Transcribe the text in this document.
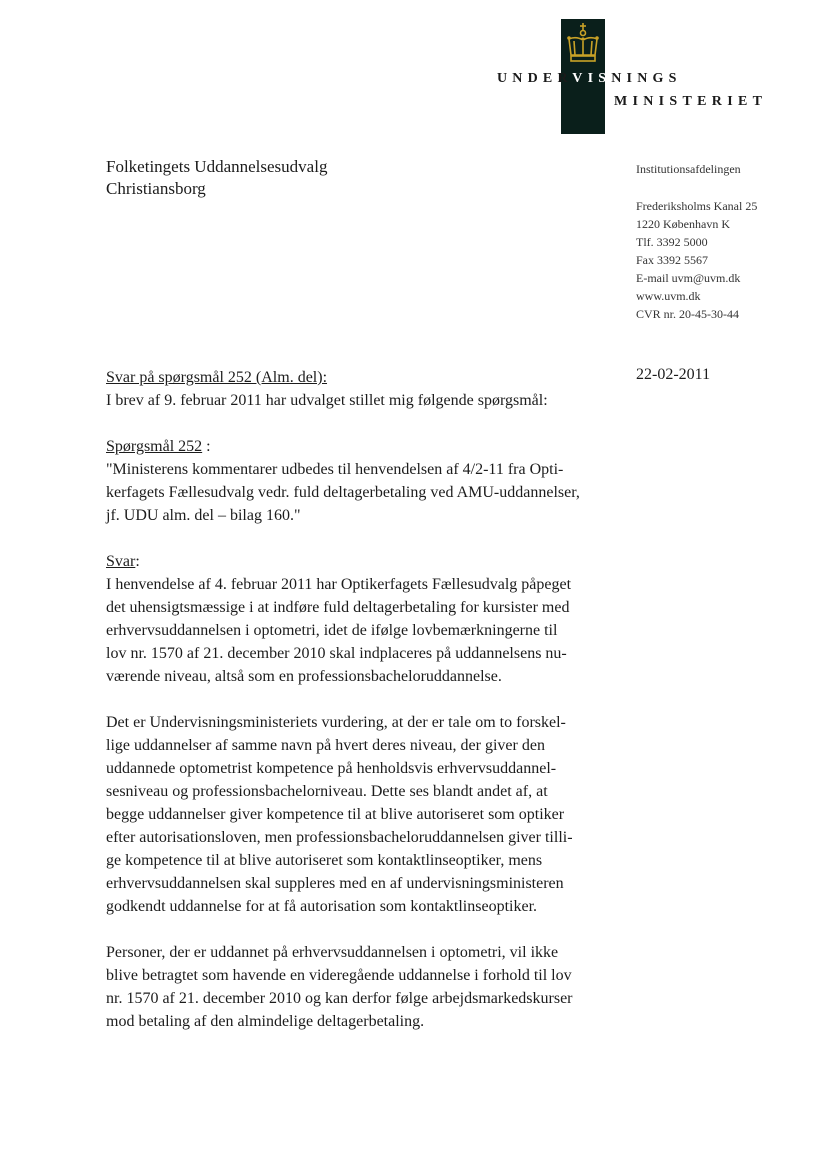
UNDERVISNINGS
MINISTERIET
Folketingets Uddannelsesudvalg
Christiansborg
Institutionsafdelingen
Frederiksholms Kanal 25
1220 København K
Tlf. 3392 5000
Fax 3392 5567
E-mail uvm@uvm.dk
www.uvm.dk
CVR nr. 20-45-30-44
22-02-2011

Svar på spørgsmål 252 (Alm. del):
I brev af 9. februar 2011 har udvalget stillet mig følgende spørgsmål:

Spørgsmål 252 :
"Ministerens kommentarer udbedes til henvendelsen af 4/2-11 fra Opti-
kerfagets Fællesudvalg vedr. fuld deltagerbetaling ved AMU-uddannelser,
jf. UDU alm. del – bilag 160."

Svar:
I henvendelse af 4. februar 2011 har Optikerfagets Fællesudvalg påpeget
det uhensigtsmæssige i at indføre fuld deltagerbetaling for kursister med
erhvervsuddannelsen i optometri, idet de ifølge lovbemærkningerne til
lov nr. 1570 af 21. december 2010 skal indplaceres på uddannelsens nu-
værende niveau, altså som en professionsbacheloruddannelse.

Det er Undervisningsministeriets vurdering, at der er tale om to forskel-
lige uddannelser af samme navn på hvert deres niveau, der giver den
uddannede optometrist kompetence på henholdsvis erhvervsuddannel-
sesniveau og professionsbachelorniveau. Dette ses blandt andet af, at
begge uddannelser giver kompetence til at blive autoriseret som optiker
efter autorisationsloven, men professionsbacheloruddannelsen giver tilli-
ge kompetence til at blive autoriseret som kontaktlinseoptiker, mens
erhvervsuddannelsen skal suppleres med en af undervisningsministeren
godkendt uddannelse for at få autorisation som kontaktlinseoptiker.

Personer, der er uddannet på erhvervsuddannelsen i optometri, vil ikke
blive betragtet som havende en videregående uddannelse i forhold til lov
nr. 1570 af 21. december 2010 og kan derfor følge arbejdsmarkedskurser
mod betaling af den almindelige deltagerbetaling.
